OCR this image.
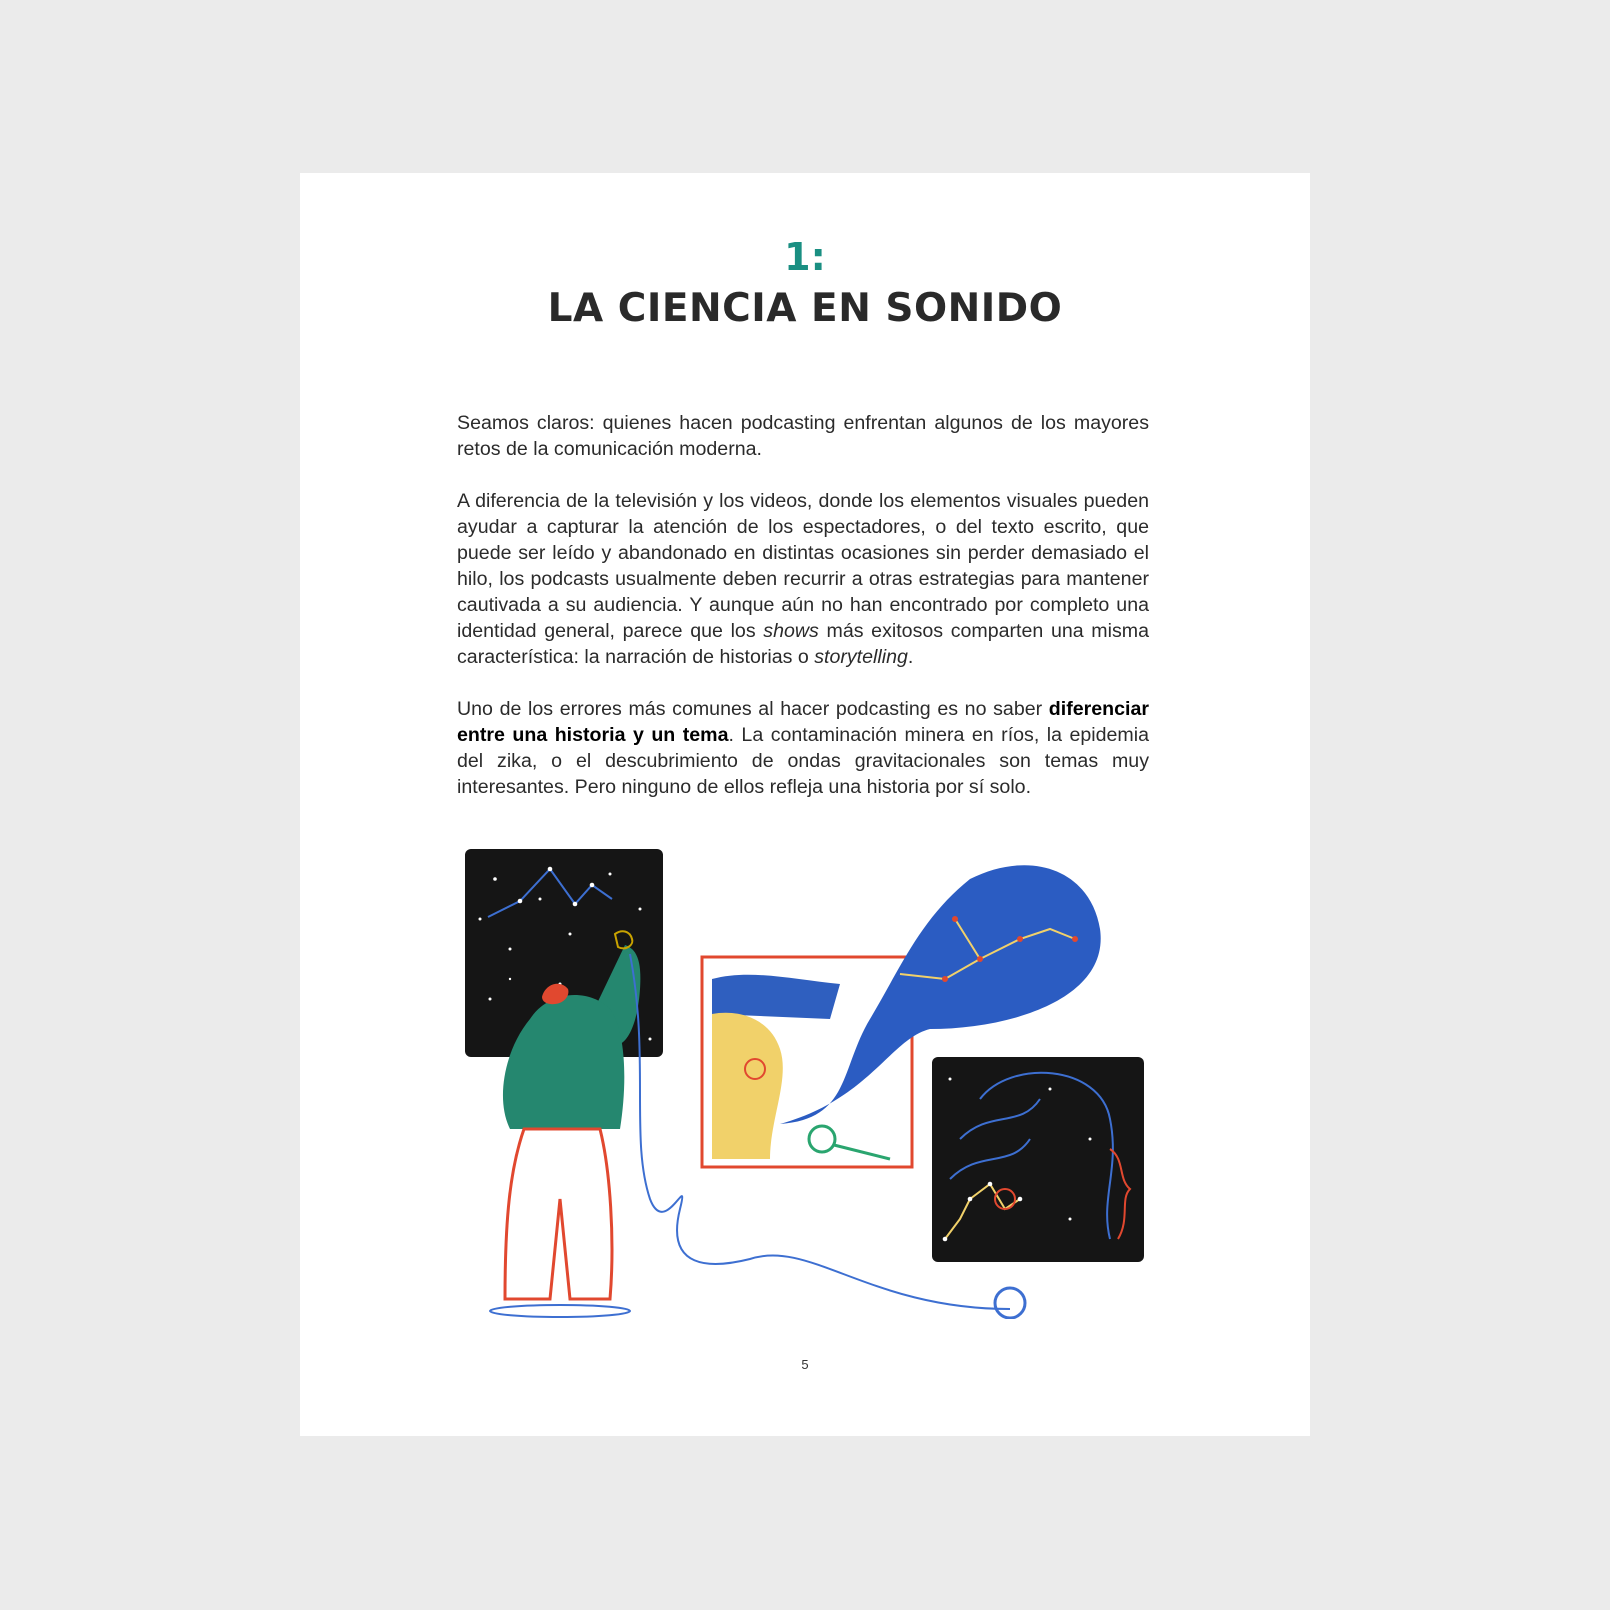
1:
LA CIENCIA EN SONIDO

Seamos claros: quienes hacen podcasting enfrentan algunos de los mayores retos de la comunicación moderna.

A diferencia de la televisión y los videos, donde los elementos visuales pueden ayudar a capturar la atención de los espectadores, o del texto escrito, que puede ser leído y abandonado en distintas ocasiones sin perder demasiado el hilo, los podcasts usualmente deben recurrir a otras estrategias para mantener cautivada a su audiencia. Y aunque aún no han encontrado por completo una identidad general, parece que los shows más exitosos comparten una misma característica: la narración de historias o storytelling.

Uno de los errores más comunes al hacer podcasting es no saber diferenciar entre una historia y un tema. La contaminación minera en ríos, la epidemia del zika, o el descubrimiento de ondas gravitacionales son temas muy interesantes. Pero ninguno de ellos refleja una historia por sí solo.

5
